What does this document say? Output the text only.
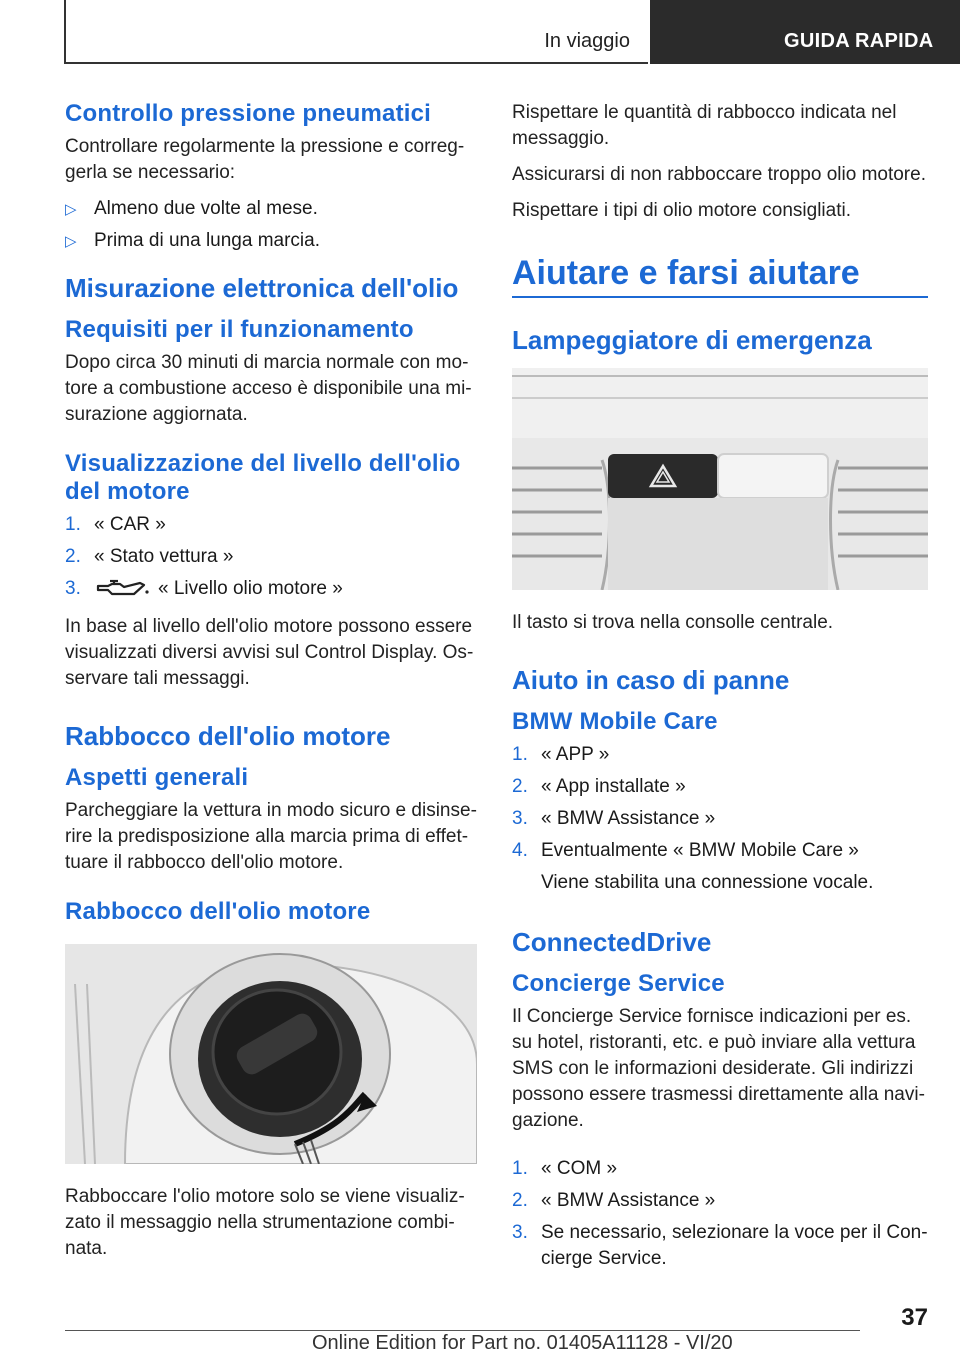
In viaggio	GUIDA RAPIDA
Controllo pressione pneumatici

Controllare regolarmente la pressione e correggerla se necessario:

▷ Almeno due volte al mese.
▷ Prima di una lunga marcia.
Misurazione elettronica dell'olio
Requisiti per il funzionamento

Dopo circa 30 minuti di marcia normale con motore a combustione acceso è disponibile una misurazione aggiornata.

Visualizzazione del livello dell'olio del motore
1. « CAR »
2. « Stato vettura »
3.	« Livello olio motore »

In base al livello dell'olio motore possono essere visualizzati diversi avvisi sul Control Display. Osservare tali messaggi.

Rabbocco dell'olio motore
Aspetti generali

Parcheggiare la vettura in modo sicuro e disinserire la predisposizione alla marcia prima di effettuare il rabbocco dell'olio motore.

Rabbocco dell'olio motore

Rabboccare l'olio motore solo se viene visualizzato il messaggio nella strumentazione combinata.

Rispettare le quantità di rabbocco indicata nel messaggio.

Assicurarsi di non rabboccare troppo olio motore.

Rispettare i tipi di olio motore consigliati.

Aiutare e farsi aiutare
Lampeggiatore di emergenza

Il tasto si trova nella consolle centrale.

Aiuto in caso di panne
BMW Mobile Care
1. « APP »
2. « App installate »
3. « BMW Assistance »
4. Eventualmente « BMW Mobile Care »
Viene stabilita una connessione vocale.
ConnectedDrive
Concierge Service

Il Concierge Service fornisce indicazioni per es. su hotel, ristoranti, etc. e può inviare alla vettura SMS con le informazioni desiderate. Gli indirizzi possono essere trasmessi direttamente alla navigazione.

1. « COM »
2. « BMW Assistance »
3. Se necessario, selezionare la voce per il Concierge Service.
37
Online Edition for Part no. 01405A11128 - VI/20
